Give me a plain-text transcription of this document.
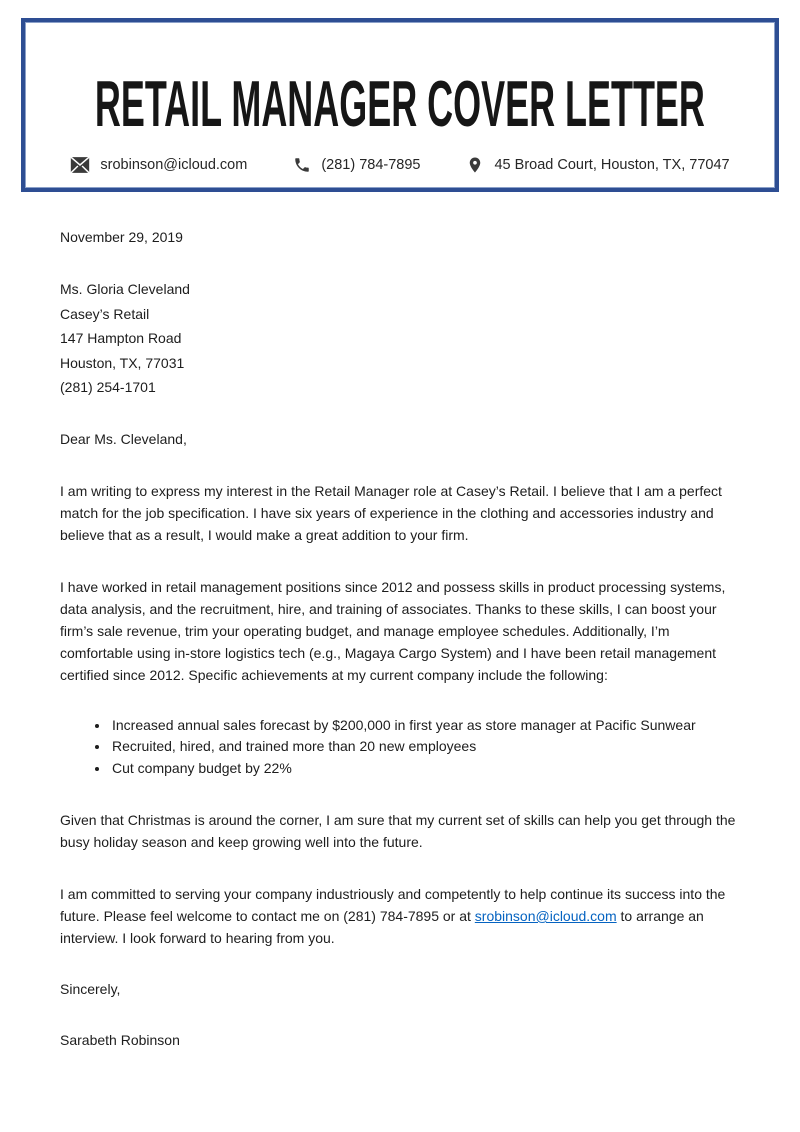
RETAIL MANAGER COVER LETTER
srobinson@icloud.com	(281) 784-7895	45 Broad Court, Houston, TX, 77047
November 29, 2019
Ms. Gloria Cleveland
Casey’s Retail
147 Hampton Road
Houston, TX, 77031
(281) 254-1701
Dear Ms. Cleveland,
I am writing to express my interest in the Retail Manager role at Casey’s Retail. I believe that I am a perfect match for the job specification. I have six years of experience in the clothing and accessories industry and believe that as a result, I would make a great addition to your firm.
I have worked in retail management positions since 2012 and possess skills in product processing systems, data analysis, and the recruitment, hire, and training of associates. Thanks to these skills, I can boost your firm’s sale revenue, trim your operating budget, and manage employee schedules. Additionally, I’m comfortable using in-store logistics tech (e.g., Magaya Cargo System) and I have been retail management certified since 2012. Specific achievements at my current company include the following:
• Increased annual sales forecast by $200,000 in first year as store manager at Pacific Sunwear
• Recruited, hired, and trained more than 20 new employees
• Cut company budget by 22%
Given that Christmas is around the corner, I am sure that my current set of skills can help you get through the busy holiday season and keep growing well into the future.
I am committed to serving your company industriously and competently to help continue its success into the future. Please feel welcome to contact me on (281) 784-7895 or at srobinson@icloud.com to arrange an interview. I look forward to hearing from you.
Sincerely,
Sarabeth Robinson
